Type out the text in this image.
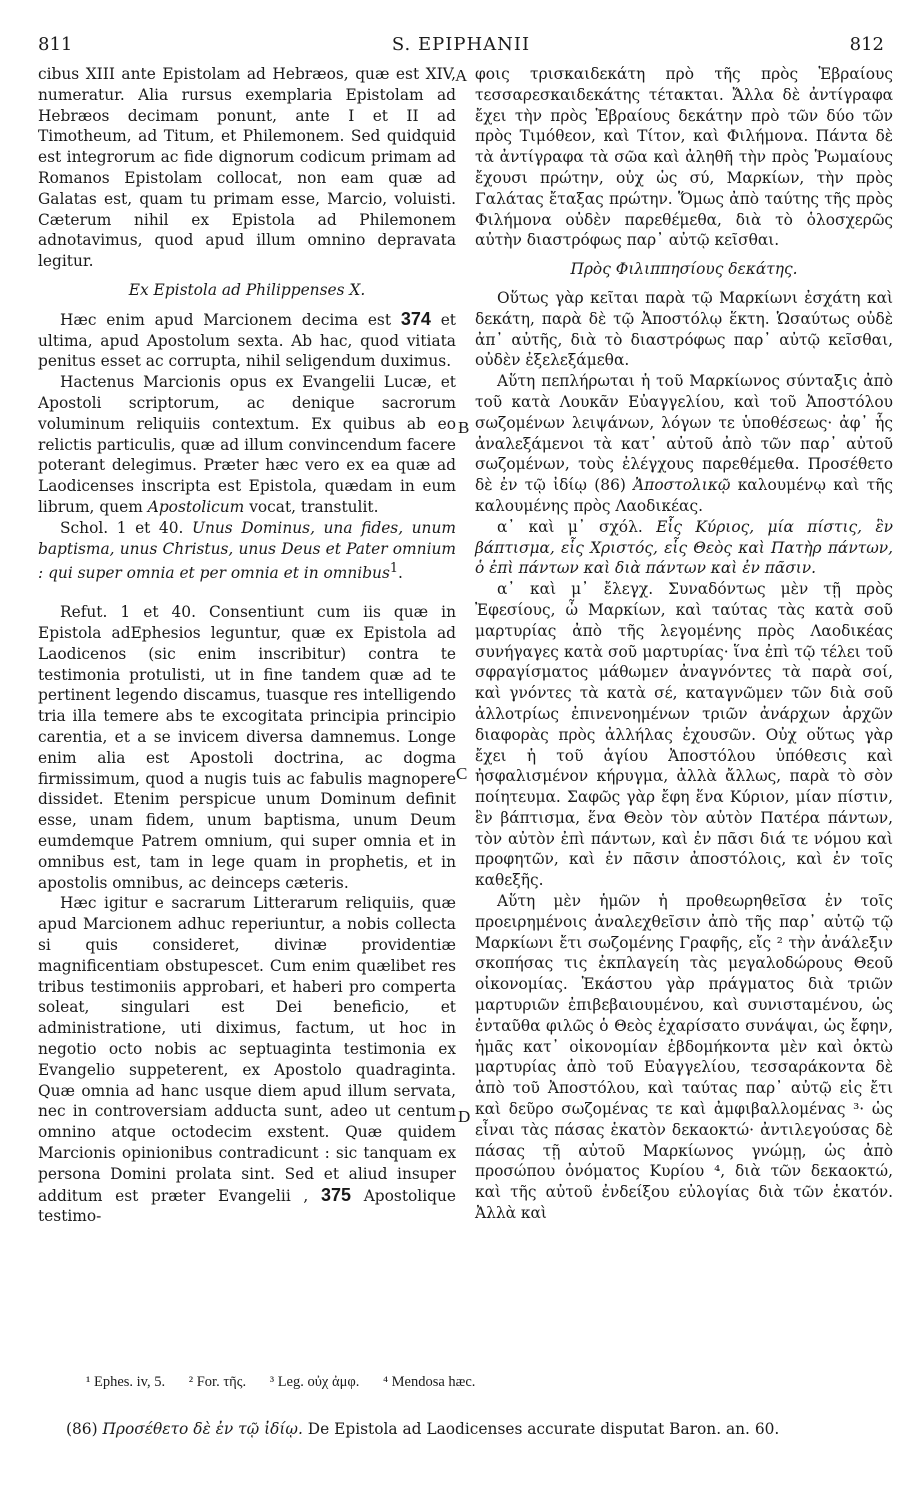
811	S. EPIPHANII	812
A
B
C
D

cibus XIII ante Epistolam ad Hebræos, quæ est XIV, numeratur. Alia rursus exemplaria Epistolam ad Hebræos decimam ponunt, ante I et II ad Timotheum, ad Titum, et Philemonem. Sed quidquid est integrorum ac fide dignorum codicum primam ad Romanos Epistolam collocat, non eam quæ ad Galatas est, quam tu primam esse, Marcio, voluisti. Cæterum nihil ex Epistola ad Philemonem adnotavimus, quod apud illum omnino depravata legitur.

Ex Epistola ad Philippenses X.

Hæc enim apud Marcionem decima est 374 et ultima, apud Apostolum sexta. Ab hac, quod vitiata penitus esset ac corrupta, nihil seligendum duximus.

Hactenus Marcionis opus ex Evangelii Lucæ, et Apostoli scriptorum, ac denique sacrorum voluminum reliquiis contextum. Ex quibus ab eo relictis particulis, quæ ad illum convincendum facere poterant delegimus. Præter hæc vero ex ea quæ ad Laodicenses inscripta est Epistola, quædam in eum librum, quem Apostolicum vocat, transtulit.

Schol. 1 et 40. Unus Dominus, una fides, unum baptisma, unus Christus, unus Deus et Pater omnium : qui super omnia et per omnia et in omnibus$^1$.

Refut. 1 et 40. Consentiunt cum iis quæ in Epistola adEphesios leguntur, quæ ex Epistola ad Laodicenos (sic enim inscribitur) contra te testimonia protulisti, ut in fine tandem quæ ad te pertinent legendo discamus, tuasque res intelligendo tria illa temere abs te excogitata principia principio carentia, et a se invicem diversa damnemus. Longe enim alia est Apostoli doctrina, ac dogma firmissimum, quod a nugis tuis ac fabulis magnopere dissidet. Etenim perspicue unum Dominum definit esse, unam fidem, unum baptisma, unum Deum eumdemque Patrem omnium, qui super omnia et in omnibus est, tam in lege quam in prophetis, et in apostolis omnibus, ac deinceps cæteris.

Hæc igitur e sacrarum Litterarum reliquiis, quæ apud Marcionem adhuc reperiuntur, a nobis collecta si quis consideret, divinæ providentiæ magnificentiam obstupescet. Cum enim quælibet res tribus testimoniis approbari, et haberi pro comperta soleat, singulari est Dei beneficio, et administratione, uti diximus, factum, ut hoc in negotio octo nobis ac septuaginta testimonia ex Evangelio suppeterent, ex Apostolo quadraginta. Quæ omnia ad hanc usque diem apud illum servata, nec in controversiam adducta sunt, adeo ut centum omnino atque octodecim exstent. Quæ quidem Marcionis opinionibus contradicunt : sic tanquam ex persona Domini prolata sint. Sed et aliud insuper additum est præter Evangelii , 375 Apostolique testimo-

φοις τρισκαιδεκάτη πρὸ τῆς πρὸς Ἑβραίους τεσσαρεσκαιδεκάτης τέτακται. Ἄλλα δὲ ἀντίγραφα ἔχει τὴν πρὸς Ἑβραίους δεκάτην πρὸ τῶν δύο τῶν πρὸς Τιμόθεον, καὶ Τίτον, καὶ Φιλήμονα. Πάντα δὲ τὰ ἀντίγραφα τὰ σῶα καὶ ἀληθῆ τὴν πρὸς Ῥωμαίους ἔχουσι πρώτην, οὐχ ὡς σύ, Μαρκίων, τὴν πρὸς Γαλάτας ἔταξας πρώτην. Ὅμως ἀπὸ ταύτης τῆς πρὸς Φιλήμονα οὐδὲν παρεθέμεθα, διὰ τὸ ὁλοσχερῶς αὐτὴν διαστρόφως παρ᾽ αὐτῷ κεῖσθαι.

Πρὸς Φιλιππησίους δεκάτης.

Οὕτως γὰρ κεῖται παρὰ τῷ Μαρκίωνι ἐσχάτη καὶ δεκάτη, παρὰ δὲ τῷ Ἀποστόλῳ ἕκτη. Ὡσαύτως οὐδὲ ἀπ᾽ αὐτῆς, διὰ τὸ διαστρόφως παρ᾽ αὐτῷ κεῖσθαι, οὐδὲν ἐξελεξάμεθα.

Αὕτη πεπλήρωται ἡ τοῦ Μαρκίωνος σύνταξις ἀπὸ τοῦ κατὰ Λουκᾶν Εὐαγγελίου, καὶ τοῦ Ἀποστόλου σωζομένων λειψάνων, λόγων τε ὑποθέσεως· ἀφ᾽ ἧς ἀναλεξάμενοι τὰ κατ᾽ αὐτοῦ ἀπὸ τῶν παρ᾽ αὐτοῦ σωζομένων, τοὺς ἐλέγχους παρεθέμεθα. Προσέθετο δὲ ἐν τῷ ἰδίῳ (86) Ἀποστολικῷ καλουμένῳ καὶ τῆς καλουμένης πρὸς Λαοδικέας.

α᾽ καὶ μ᾽ σχόλ. Εἷς Κύριος, μία πίστις, ἓν βάπτισμα, εἷς Χριστός, εἷς Θεὸς καὶ Πατὴρ πάντων, ὁ ἐπὶ πάντων καὶ διὰ πάντων καὶ ἐν πᾶσιν.

α᾽ καὶ μ᾽ ἔλεγχ. Συναδόντως μὲν τῇ πρὸς Ἐφεσίους, ὦ Μαρκίων, καὶ ταύτας τὰς κατὰ σοῦ μαρτυρίας ἀπὸ τῆς λεγομένης πρὸς Λαοδικέας συνήγαγες κατὰ σοῦ μαρτυρίας· ἵνα ἐπὶ τῷ τέλει τοῦ σφραγίσματος μάθωμεν ἀναγνόντες τὰ παρὰ σοί, καὶ γνόντες τὰ κατὰ σέ, καταγνῶμεν τῶν διὰ σοῦ ἀλλοτρίως ἐπινενοημένων τριῶν ἀνάρχων ἀρχῶν διαφορὰς πρὸς ἀλλήλας ἐχουσῶν. Οὐχ οὕτως γὰρ ἔχει ἡ τοῦ ἁγίου Ἀποστόλου ὑπόθεσις καὶ ἠσφαλισμένον κήρυγμα, ἀλλὰ ἄλλως, παρὰ τὸ σὸν ποίητευμα. Σαφῶς γὰρ ἔφη ἕνα Κύριον, μίαν πίστιν, ἓν βάπτισμα, ἕνα Θεὸν τὸν αὐτὸν Πατέρα πάντων, τὸν αὐτὸν ἐπὶ πάντων, καὶ ἐν πᾶσι διά τε νόμου καὶ προφητῶν, καὶ ἐν πᾶσιν ἀποστόλοις, καὶ ἐν τοῖς καθεξῆς.

Αὕτη μὲν ἡμῶν ἡ προθεωρηθεῖσα ἐν τοῖς προειρημένοις ἀναλεχθεῖσιν ἀπὸ τῆς παρ᾽ αὐτῷ τῷ Μαρκίωνι ἔτι σωζομένης Γραφῆς, εἴς ² τὴν ἀνάλεξιν σκοπήσας τις ἐκπλαγείη τὰς μεγαλοδώρους Θεοῦ οἰκονομίας. Ἑκάστου γὰρ πράγματος διὰ τριῶν μαρτυριῶν ἐπιβεβαιουμένου, καὶ συνισταμένου, ὡς ἐνταῦθα φιλῶς ὁ Θεὸς ἐχαρίσατο συνάψαι, ὡς ἔφην, ἡμᾶς κατ᾽ οἰκονομίαν ἑβδομήκοντα μὲν καὶ ὀκτὼ μαρτυρίας ἀπὸ τοῦ Εὐαγγελίου, τεσσαράκοντα δὲ ἀπὸ τοῦ Ἀποστόλου, καὶ ταύτας παρ᾽ αὐτῷ εἰς ἔτι καὶ δεῦρο σωζομένας τε καὶ ἀμφιβαλλομένας ³· ὡς εἶναι τὰς πάσας ἑκατὸν δεκαοκτώ· ἀντιλεγούσας δὲ πάσας τῇ αὐτοῦ Μαρκίωνος γνώμῃ, ὡς ἀπὸ προσώπου ὀνόματος Κυρίου ⁴, διὰ τῶν δεκαοκτώ, καὶ τῆς αὐτοῦ ἐνδείξου εὐλογίας διὰ τῶν ἑκατόν. Ἀλλὰ καὶ

¹ Ephes. iv, 5. ² For. τῆς. ³ Leg. οὐχ ἀμφ. ⁴ Mendosa hæc.
(86) Προσέθετο δὲ ἐν τῷ ἰδίῳ. De Epistola ad Laodicenses accurate disputat Baron. an. 60.
